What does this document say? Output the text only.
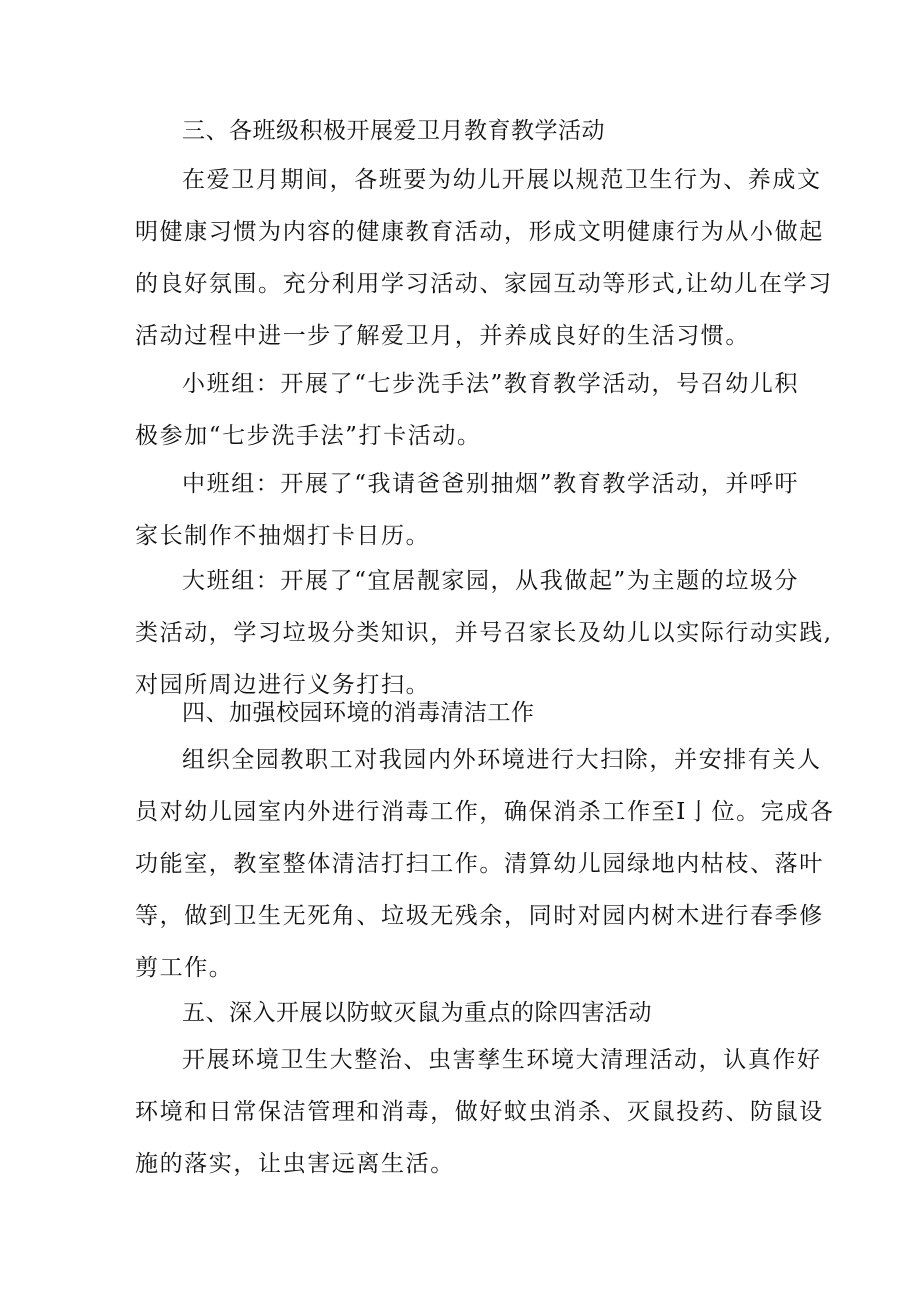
三、各班级积极开展爱卫月教育教学活动
在爱卫月期间，各班要为幼儿开展以规范卫生行为、养成文
明健康习惯为内容的健康教育活动，形成文明健康行为从小做起
的良好氛围。充分利用学习活动、家园互动等形式,让幼儿在学习
活动过程中进一步了解爱卫月，并养成良好的生活习惯。
小班组：开展了“七步洗手法”教育教学活动，号召幼儿积
极参加“七步洗手法”打卡活动。
中班组：开展了“我请爸爸别抽烟”教育教学活动，并呼吁
家长制作不抽烟打卡日历。
大班组：开展了“宜居靓家园，从我做起”为主题的垃圾分
类活动，学习垃圾分类知识，并号召家长及幼儿以实际行动实践,
对园所周边进行义务打扫。
四、加强校园环境的消毒清洁工作
组织全园教职工对我园内外环境进行大扫除，并安排有关人
员对幼儿园室内外进行消毒工作，确保消杀工作至I亅位。完成各
功能室，教室整体清洁打扫工作。清算幼儿园绿地内枯枝、落叶
等，做到卫生无死角、垃圾无残余，同时对园内树木进行春季修
剪工作。
五、深入开展以防蚊灭鼠为重点的除四害活动
开展环境卫生大整治、虫害孳生环境大清理活动，认真作好
环境和日常保洁管理和消毒，做好蚊虫消杀、灭鼠投药、防鼠设
施的落实，让虫害远离生活。
